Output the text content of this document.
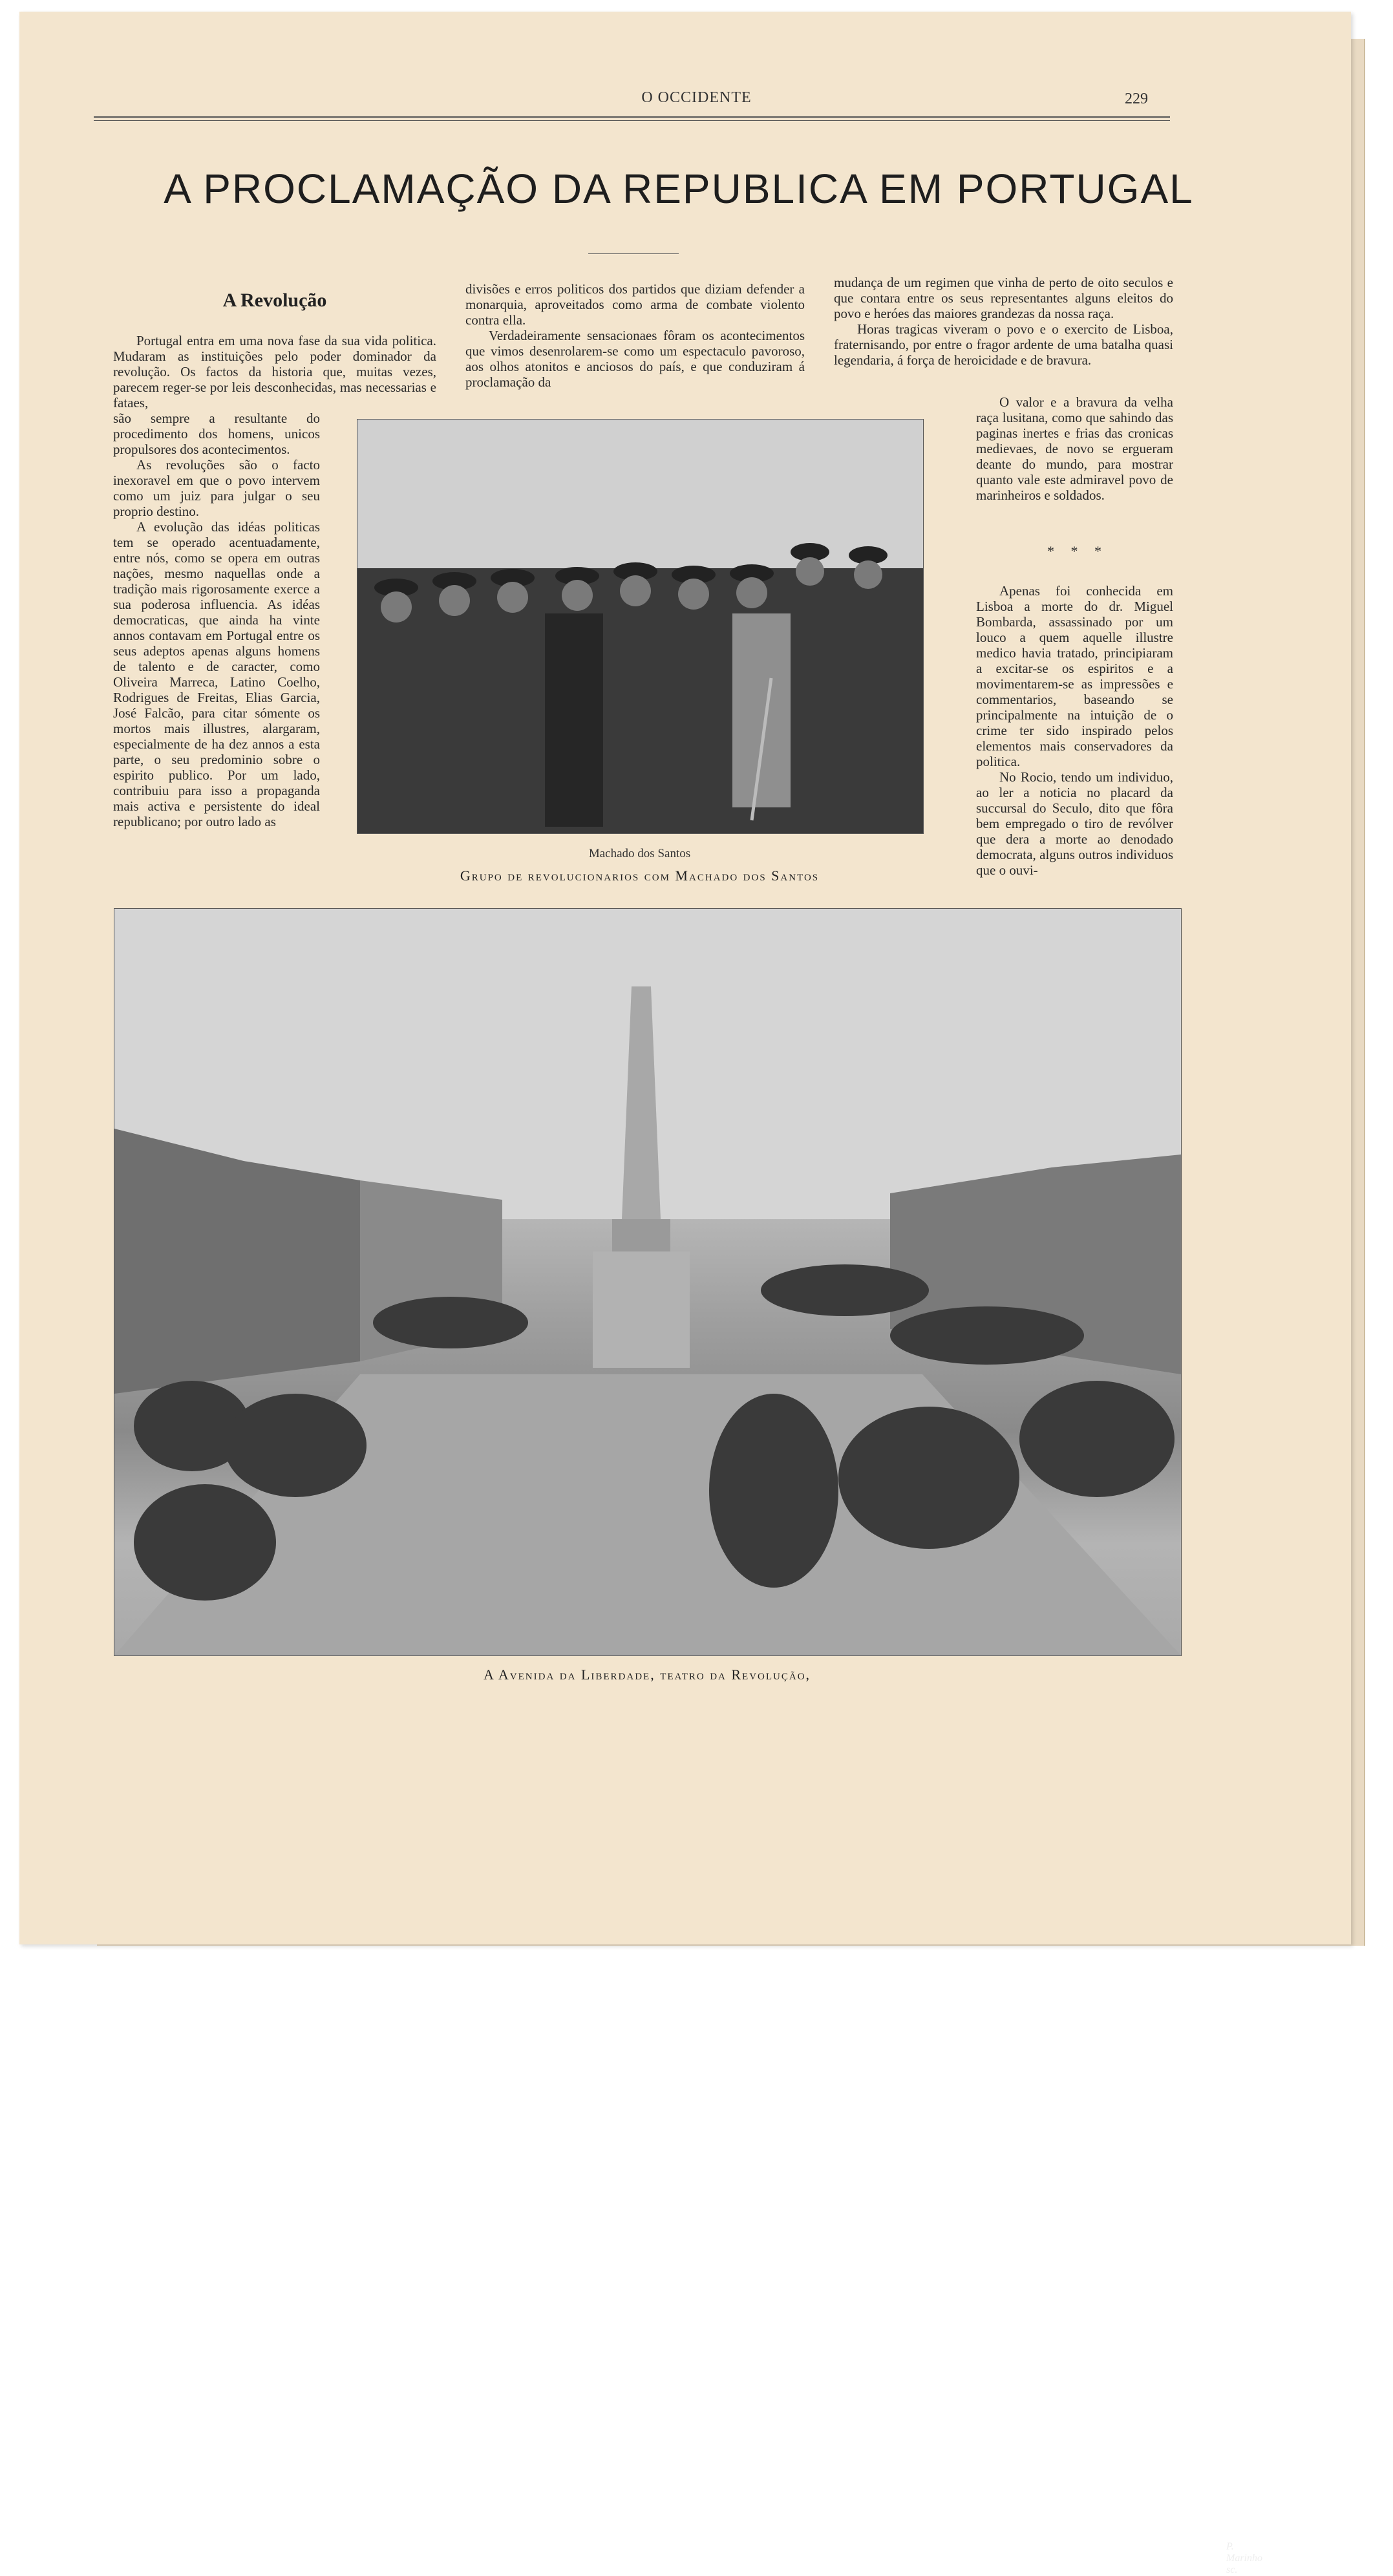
O OCCIDENTE	229
A PROCLAMAÇÃO DA REPUBLICA EM PORTUGAL
A Revolução

Portugal entra em uma nova fase da sua vida politica. Mudaram as instituições pelo poder dominador da revolução. Os factos da historia que, muitas vezes, parecem reger-se por leis desconhecidas, mas necessarias e fataes,

são sempre a resultante do procedimento dos homens, unicos propulsores dos acontecimentos.

As revoluções são o facto inexoravel em que o povo intervem como um juiz para julgar o seu proprio destino.

A evolução das idéas politicas tem se operado acentuadamente, entre nós, como se opera em outras nações, mesmo naquellas onde a tradição mais rigorosamente exerce a sua poderosa influencia. As idéas democraticas, que ainda ha vinte annos contavam em Portugal entre os seus adeptos apenas alguns homens de talento e de caracter, como Oliveira Marreca, Latino Coelho, Rodrigues de Freitas, Elias Garcia, José Falcão, para citar sómente os mortos mais illustres, alargaram, especialmente de ha dez annos a esta parte, o seu predominio sobre o espirito publico. Por um lado, contribuiu para isso a propaganda mais activa e persistente do ideal republicano; por outro lado as

divisões e erros politicos dos partidos que diziam defender a monarquia, aproveitados como arma de combate violento contra ella.

Verdadeiramente sensacionaes fôram os acontecimentos que vimos desenrolarem-se como um espectaculo pavoroso, aos olhos atonitos e anciosos do país, e que conduziram á proclamação da

mudança de um regimen que vinha de perto de oito seculos e que contara entre os seus representantes alguns eleitos do povo e heróes das maiores grandezas da nossa raça.

Horas tragicas viveram o povo e o exercito de Lisboa, fraternisando, por entre o fragor ardente de uma batalha quasi legendaria, á força de heroicidade e de bravura.

O valor e a bravura da velha raça lusitana, como que sahindo das paginas inertes e frias das cronicas medievaes, de novo se ergueram deante do mundo, para mostrar quanto vale este admiravel povo de marinheiros e soldados.

* * *

Apenas foi conhecida em Lisboa a morte do dr. Miguel Bombarda, assassinado por um louco a quem aquelle illustre medico havia tratado, principiaram a excitar-se os espiritos e a movimentarem-se as impressões e commentarios, baseando se principalmente na intuição de o crime ter sido inspirado pelos elementos mais conservadores da politica.

No Rocio, tendo um individuo, ao ler a noticia no placard da succursal do Seculo, dito que fôra bem empregado o tiro de revólver que dera a morte ao denodado democrata, alguns outros individuos que o ouvi-

Machado dos Santos
Grupo de revolucionarios com Machado dos Santos
P. Marinho sc.
A Avenida da Liberdade, teatro da Revolução,
